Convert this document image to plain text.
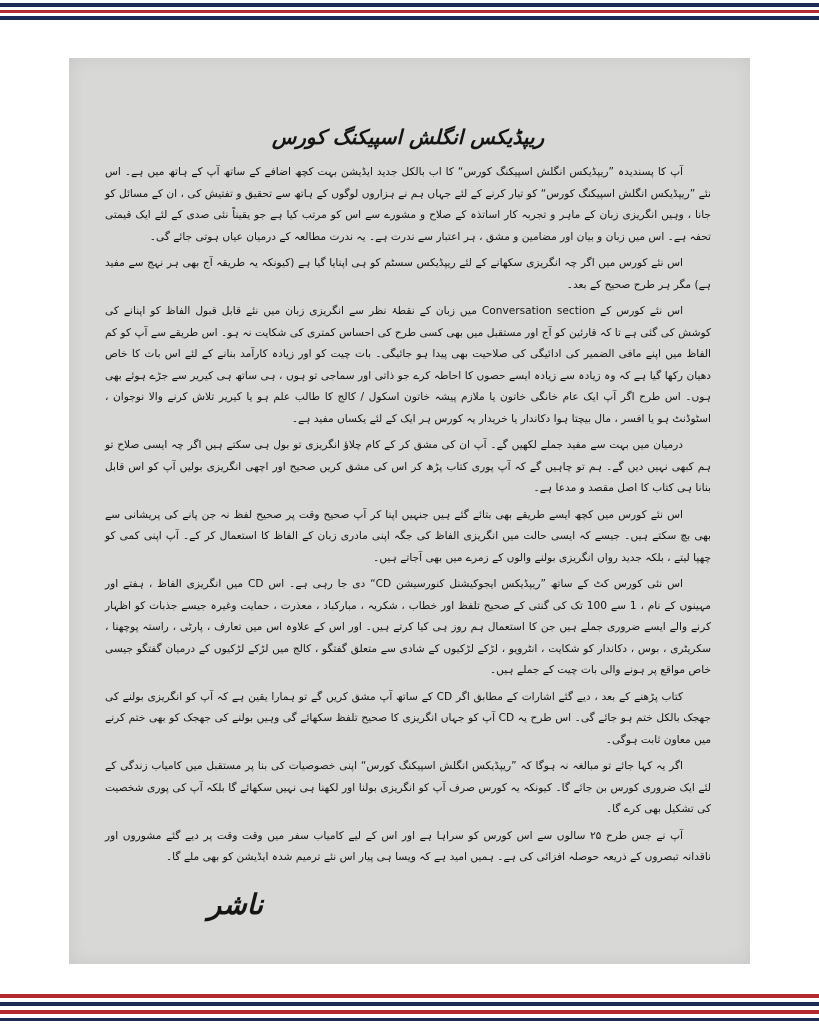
ریپڈیکس انگلش اسپیکنگ کورس

آپ کا پسندیدہ ”ریپڈیکس انگلش اسپیکنگ کورس“ کا اب بالکل جدید ایڈیشن بہت کچھ اضافے کے ساتھ آپ کے ہاتھ میں ہے۔ اس نئے ”ریپڈیکس انگلش اسپیکنگ کورس“ کو تیار کرنے کے لئے جہاں ہم نے ہزاروں لوگوں کے ہاتھ سے تحقیق و تفتیش کی ، ان کے مسائل کو جانا ، وہیں انگریزی زبان کے ماہر و تجربہ کار اساتذہ کے صلاح و مشورے سے اس کو مرتب کیا ہے جو یقیناً نئی صدی کے لئے ایک قیمتی تحفہ ہے۔ اس میں زبان و بیان اور مضامین و مشق ، ہر اعتبار سے ندرت ہے۔ یہ ندرت مطالعہ کے درمیان عیاں ہوتی جائے گی۔

اس نئے کورس میں اگر چہ انگریزی سکھانے کے لئے ریپڈیکس سسٹم کو ہی اپنایا گیا ہے (کیونکہ یہ طریقہ آج بھی ہر نہج سے مفید ہے) مگر ہر طرح صحیح کے بعد۔

اس نئے کورس کے Conversation section میں زبان کے نقطۂ نظر سے انگریزی زبان میں نئے قابل قبول الفاظ کو اپنانے کی کوشش کی گئی ہے تا کہ قارئین کو آج اور مستقبل میں بھی کسی طرح کی احساس کمتری کی شکایت نہ ہو۔ اس طریقے سے آپ کو کم الفاظ میں اپنے مافی الضمیر کی ادائیگی کی صلاحیت بھی پیدا ہو جائیگی۔ بات چیت کو اور زیادہ کارآمد بنانے کے لئے اس بات کا خاص دھیان رکھا گیا ہے کہ وہ زیادہ سے زیادہ ایسے حصوں کا احاطہ کرے جو ذاتی اور سماجی تو ہوں ، ہی ساتھ ہی کیریر سے جڑے ہوئے بھی ہوں۔ اس طرح اگر آپ ایک عام خانگی خاتون یا ملازم پیشہ خاتون اسکول / کالج کا طالب علم ہو یا کیریر تلاش کرنے والا نوجوان ، اسٹوڈنٹ ہو یا افسر ، مال بیچتا ہوا دکاندار یا خریدار یہ کورس ہر ایک کے لئے یکساں مفید ہے۔

درمیان میں بہت سے مفید جملے لکھیں گے۔ آپ ان کی مشق کر کے کام چلاؤ انگریزی تو بول ہی سکتے ہیں اگر چہ ایسی صلاح تو ہم کبھی نہیں دیں گے۔ ہم تو چاہیں گے کہ آپ پوری کتاب پڑھ کر اس کی مشق کریں صحیح اور اچھی انگریزی بولیں آپ کو اس قابل بنانا ہی کتاب کا اصل مقصد و مدعا ہے۔

اس نئے کورس میں کچھ ایسے طریقے بھی بتائے گئے ہیں جنہیں اپنا کر آپ صحیح وقت پر صحیح لفظ نہ جن پانے کی پریشانی سے بھی بچ سکتے ہیں۔ جیسے کہ ایسی حالت میں انگریزی الفاظ کی جگہ اپنی مادری زبان کے الفاظ کا استعمال کر کے۔ آپ اپنی کمی کو چھپا لیتے ، بلکہ جدید رواں انگریزی بولنے والوں کے زمرے میں بھی آجاتے ہیں۔

اس نئی کورس کٹ کے ساتھ ”ریپڈیکس ایجوکیشنل کنورسیشن CD“ دی جا رہی ہے۔ اس CD میں انگریزی الفاظ ، ہفتے اور مہینوں کے نام ، 1 سے 100 تک کی گنتی کے صحیح تلفظ اور خطاب ، شکریہ ، مبارکباد ، معذرت ، حمایت وغیرہ جیسے جذبات کو اظہار کرنے والے ایسے ضروری جملے ہیں جن کا استعمال ہم روز ہی کیا کرتے ہیں۔ اور اس کے علاوہ اس میں تعارف ، پارٹی ، راستہ پوچھنا ، سکریٹری ، بوس ، دکاندار کو شکایت ، انٹرویو ، لڑکے لڑکیوں کے شادی سے متعلق گفتگو ، کالج میں لڑکے لڑکیوں کے درمیان گفتگو جیسی خاص مواقع پر ہونے والی بات چیت کے جملے ہیں۔

کتاب پڑھنے کے بعد ، دیے گئے اشارات کے مطابق اگر CD کے ساتھ آپ مشق کریں گے تو ہمارا یقین ہے کہ آپ کو انگریزی بولنے کی جھجک بالکل ختم ہو جائے گی۔ اس طرح یہ CD آپ کو جہاں انگریزی کا صحیح تلفظ سکھائے گی وہیں بولنے کی جھجک کو بھی ختم کرنے میں معاون ثابت ہوگی۔

اگر یہ کہا جائے تو مبالغہ نہ ہوگا کہ ”ریپڈیکس انگلش اسپیکنگ کورس“ اپنی خصوصیات کی بنا پر مستقبل میں کامیاب زندگی کے لئے ایک ضروری کورس بن جائے گا۔ کیونکہ یہ کورس صرف آپ کو انگریزی بولنا اور لکھنا ہی نہیں سکھائے گا بلکہ آپ کی پوری شخصیت کی تشکیل بھی کرے گا۔

آپ نے جس طرح ۲۵ سالوں سے اس کورس کو سراہا ہے اور اس کے لیے کامیاب سفر میں وقت وقت پر دیے گئے مشوروں اور ناقدانہ تبصروں کے ذریعہ حوصلہ افزائی کی ہے۔ ہمیں امید ہے کہ ویسا ہی پیار اس نئے ترمیم شدہ ایڈیشن کو بھی ملے گا۔

ناشر
